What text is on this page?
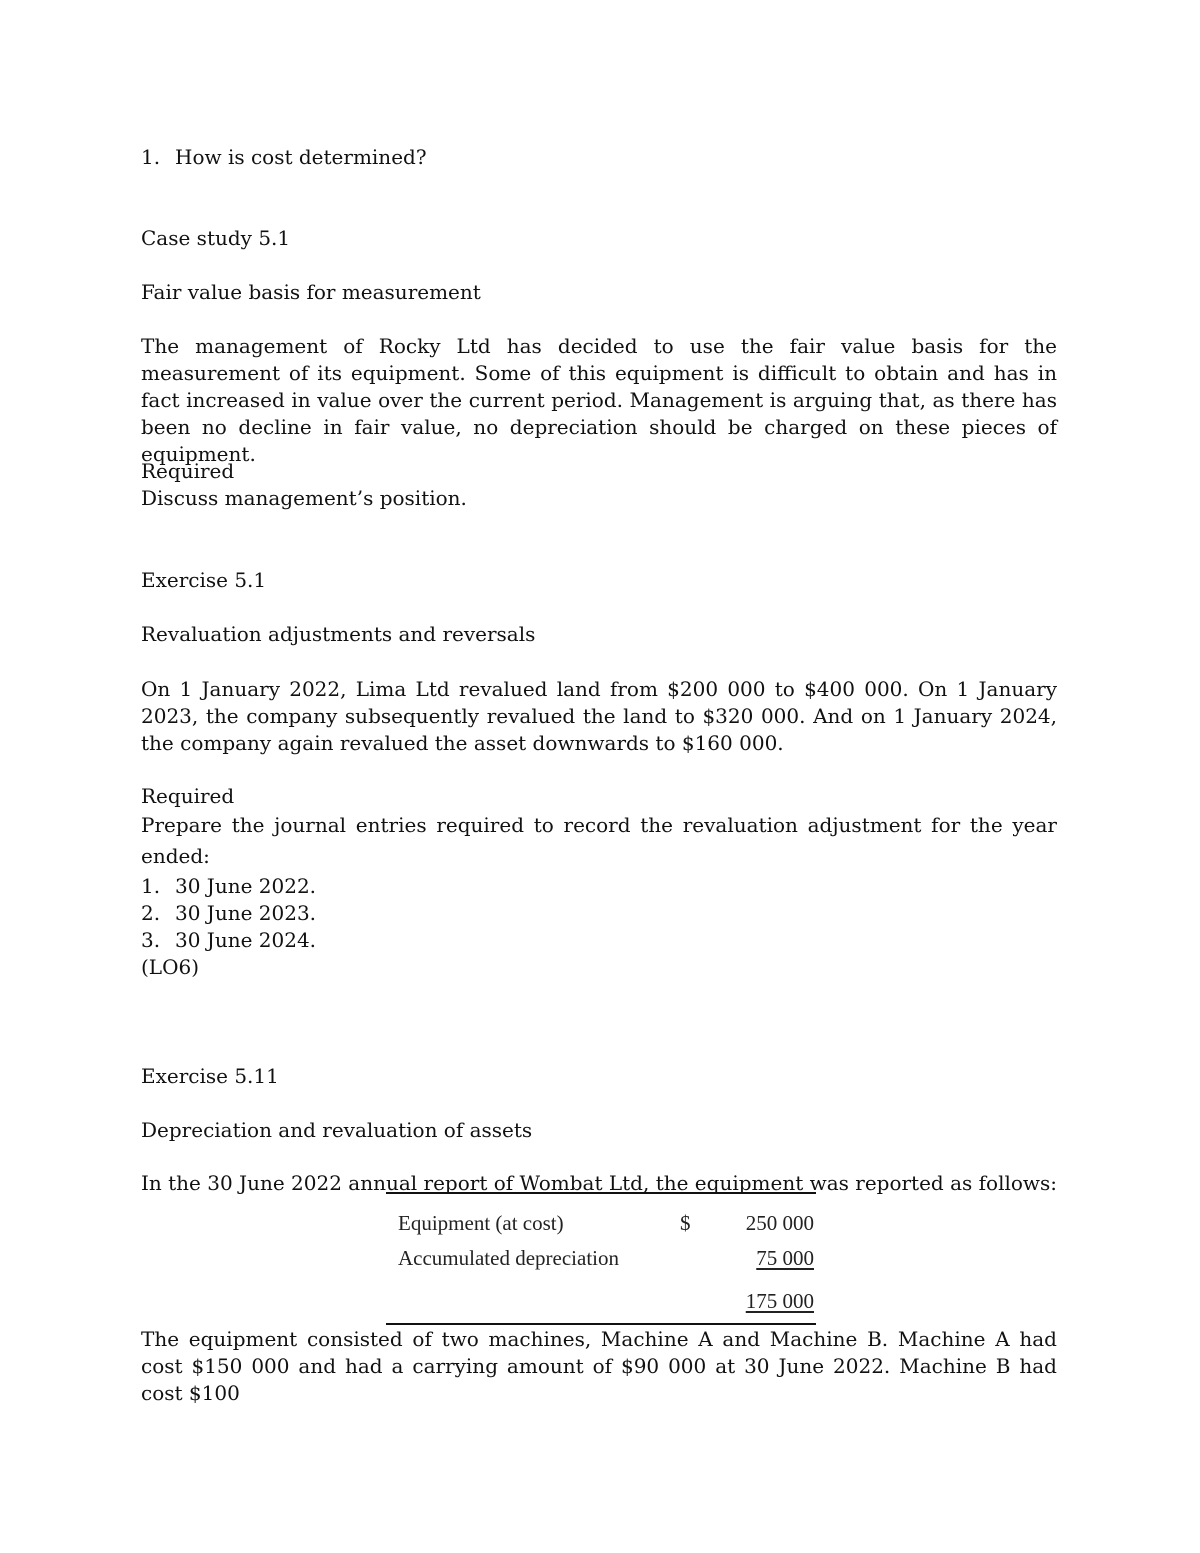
1. How is cost determined?
Case study 5.1
Fair value basis for measurement

The management of Rocky Ltd has decided to use the fair value basis for the measurement of its equipment. Some of this equipment is difficult to obtain and has in fact increased in value over the current period. Management is arguing that, as there has been no decline in fair value, no depreciation should be charged on these pieces of equipment.

Required
Discuss management’s position.
Exercise 5.1
Revaluation adjustments and reversals

On 1 January 2022, Lima Ltd revalued land from $200 000 to $400 000. On 1 January 2023, the company subsequently revalued the land to $320 000. And on 1 January 2024, the company again revalued the asset downwards to $160 000.

Required

Prepare the journal entries required to record the revaluation adjustment for the year ended:

1. 30 June 2022.
2. 30 June 2023.
3. 30 June 2024.
(LO6)
Exercise 5.11
Depreciation and revaluation of assets
In the 30 June 2022 annual report of Wombat Ltd, the equipment was reported as follows:
Equipment (at cost)	$	250 000
Accumulated depreciation	75 000
175 000

The equipment consisted of two machines, Machine A and Machine B. Machine A had cost $150 000 and had a carrying amount of $90 000 at 30 June 2022. Machine B had cost $100
